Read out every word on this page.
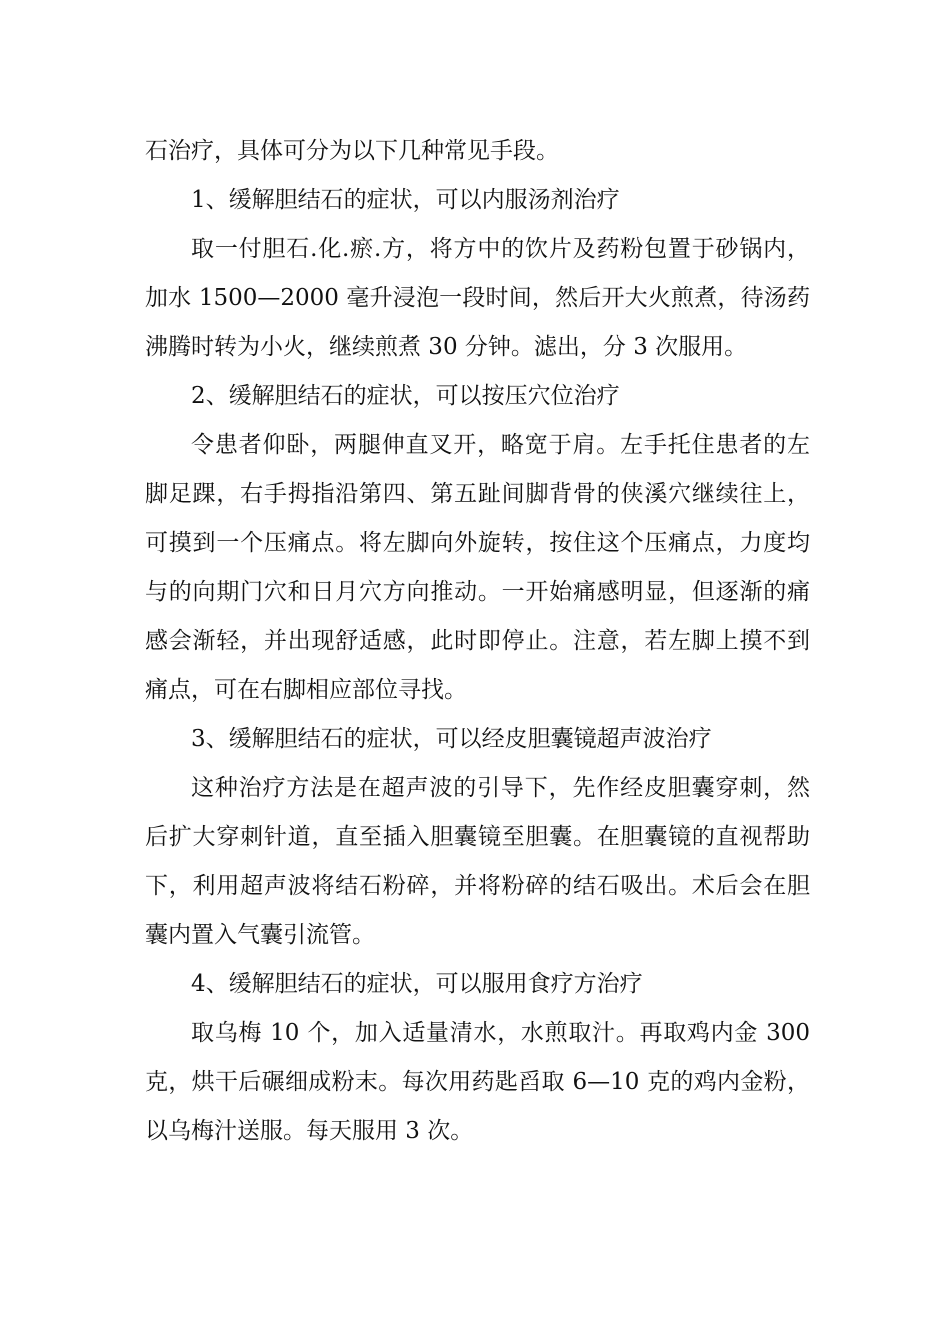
石治疗，具体可分为以下几种常见手段。

1、缓解胆结石的症状，可以内服汤剂治疗

取一付胆石.化.瘀.方，将方中的饮片及药粉包置于砂锅内，加水 1500—2000 毫升浸泡一段时间，然后开大火煎煮，待汤药沸腾时转为小火，继续煎煮 30 分钟。滤出，分 3 次服用。

2、缓解胆结石的症状，可以按压穴位治疗

令患者仰卧，两腿伸直叉开，略宽于肩。左手托住患者的左脚足踝，右手拇指沿第四、第五趾间脚背骨的侠溪穴继续往上，可摸到一个压痛点。将左脚向外旋转，按住这个压痛点，力度均与的向期门穴和日月穴方向推动。一开始痛感明显，但逐渐的痛感会渐轻，并出现舒适感，此时即停止。注意，若左脚上摸不到痛点，可在右脚相应部位寻找。

3、缓解胆结石的症状，可以经皮胆囊镜超声波治疗

这种治疗方法是在超声波的引导下，先作经皮胆囊穿刺，然后扩大穿刺针道，直至插入胆囊镜至胆囊。在胆囊镜的直视帮助下，利用超声波将结石粉碎，并将粉碎的结石吸出。术后会在胆囊内置入气囊引流管。

4、缓解胆结石的症状，可以服用食疗方治疗

取乌梅 10 个，加入适量清水，水煎取汁。再取鸡内金 300 克，烘干后碾细成粉末。每次用药匙舀取 6—10 克的鸡内金粉，以乌梅汁送服。每天服用 3 次。
